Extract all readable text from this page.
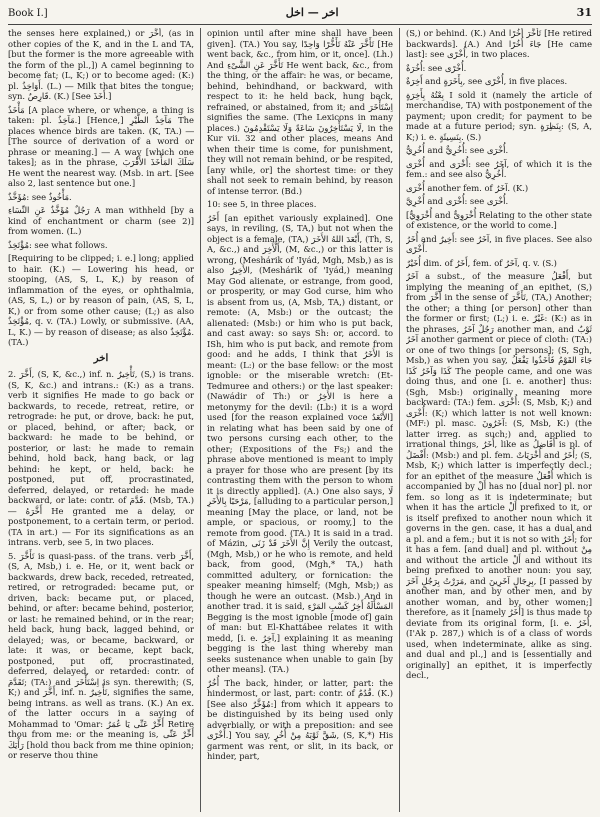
Book I.]	اخر — اخل	31

the senses here explained,) or أَخَّرَ, (as in other copies of the K, and in the L and TA, [but the former is the more agreeable with the form of the pl.,]) A camel beginning to become fat; (L, K;) or to become aged: (K:) pl. أَوَاخِذُ. (L.) ― Milk that bites the tongue; syn. قَارِصٌ. (K.) [See أَخَذَ.]

مَأْخَذٌ [A place where, or whence, a thing is taken: pl. مَآخِذُ.] [Hence,] مَآخِذُ الطَّيْرِ The places whence birds are taken. (K, TA.) ― [The source of derivation of a word or phrase or meaning.] ― A way [which one takes]; as in the phrase, سَلَكَ المَأْخَذَ الأَقْرَبَ He went the nearest way. (Msb. in art. [See also 2, last sentence but one.]

مُؤَخَّذٌ: see مَأْخُوذٌ.

رَجُلٌ مُؤَخَّذٌ عَنِ النِّسَاءِ A man withheld [by a kind of enchantment or charm (see 2)] from women. (L.)

مُؤْتَخِذٌ: see what follows.

[Requiring to be clipped; i. e.] long; applied to hair. (K.) ― Lowering his head, or stooping, (AS, S, L, K,) by reason of inflammation of the eyes, or ophthalmia, (AS, S, L,) or by reason of pain, (AS, S, L, K,) or from some other cause; (L;) as also مُؤْتَخِذٌ, q. v. (TA.) Lowly, or submissive. (AA, L, K.) ― by reason of disease; as also مُؤْتَخِذٌ. (TA.)

اخر

2. أَخَّرَ, (S, K, &c.,) inf. n. تَأْخِيرٌ, (S,) is trans. (S, K, &c.) and intrans.: (K:) as a trans. verb it signifies He made to go back or backwards, to recede, retreat, retire, or retrograde: he put, or drove, back: he put, or placed, behind, or after; back, or backward: he made to be behind, or posterior, or last: he made to remain behind, hold back, hang back, or lag behind: he kept, or held, back: he postponed, put off, procrastinated, deferred, delayed, or retarded: he made backward, or late: contr. of قَدَّمَ. (Msb, TA.) ― أَخَّرَهُ He granted me a delay, or postponement, to a certain term, or period. (TA in art.) ― For its significations as an intrans. verb, see 5, in two places.

5. تَأَخَّرَ is quasi-pass. of the trans. verb أَخَّرَ, (S, A, Msb,) i. e. He, or it, went back or backwards, drew back, receded, retreated, retired, or retrograded: became put, or driven, back: became put, or placed, behind, or after: became behind, posterior, or last: he remained behind, or in the rear; held back, hung back, lagged behind, or delayed; was, or became, backward, or late: it was, or became, kept back, postponed, put off, procrastinated, deferred, delayed, or retarded: contr. of تَقَدَّمَ; (TA:) and اِسْتَأْخَرَ is syn. therewith; (S, K;) and أَخَّرَ, inf. n. تَأْخِيرٌ, signifies the same, being intrans. as well as trans. (K.) An ex. of the latter occurs in a saying of Mohammad to 'Omar: أَخِّرْ عَنِّى يَا عُمَرُ Retire thou from me: or the meaning is, أَخِّرْ عَنِّى رَأْيَكَ [hold thou back from me thine opinion; or reserve thou thine

opinion until after mine shall have been given]. (TA.) You say, تَأَخَّرَ عَنْهُ تَأَخُّرًا وَاحِدًا [He went back, &c., from him, or it, once]. (Lh.) And تَأَخَّرَ عَنِ الشَّىْءِ He went back, &c., from the thing, or the affair: he was, or became, behind, behindhand, or backward, with respect to it: he held back, hung back, refrained, or abstained, from it; and اِسْتَأْخَرَ signifies the same. (The Lexicons in many places.) لَا يَسْتَأْخِرُونَ سَاعَةً وَلَا يَسْتَقْدِمُونَ, in the Kur vii. 32 and other places, means And when their time is come, for punishment, they will not remain behind, or be respited, [any while, or] the shortest time: or they shall not seek to remain behind, by reason of intense terror. (Bd.)

10: see 5, in three places.

أَخَرُ [an epithet variously explained]. One says, in reviling, (S, TA,) but not when the object is a female, (TA,) أَبْعَدَ اللهُ الأَخَرَ, (Th, S, A, &c.,) and أَلْأَخِرَ, (M, &c.,) or this latter is wrong, (Meshárik of 'Iyád, Mgh, Msb,) as is also الأَخِيرُ, (Meshárik of 'Iyád,) meaning May God alienate, or estrange, from good, or prosperity, or may God curse, him who is absent from us, (A, Msb, TA,) distant, or remote: (A, Msb:) or the outcast; the alienated: (Msb:) or him who is put back, and cast away: so says Sh: or, accord. to ISh, him who is put back, and remote from good: and he adds, I think that الأَخَرُ is meant: (L:) or the base fellow: or the most ignoble: or the miserable wretch: (Et-Tedmuree and others:) or the last speaker: (Nawádir of Th:) or الأَخِرُ is here a metonymy for the devil: (Lb:) it is a word used [for the reason explained voce الأَبْعَدُ] in relating what has been said by one of two persons cursing each other, to the other; (Expositions of the Fs;) and the phrase above mentioned is meant to imply a prayer for those who are present [by its contrasting them with the person to whom it is directly applied]. (A.) One also says, لَا مَرْحَبًا بِالأَخَرِ, [alluding to a particular person,] meaning [May the place, or land, not be ample, or spacious, or roomy,] to the remote from good. (TA.) It is said in a trad. of Mázin, إِنَّ الأَخَرَ قَدْ زَنَى Verily the outcast, (Mgh, Msb,) or he who is remote, and held back, from good, (Mgh,* TA,) hath committed adultery, or fornication: the speaker meaning himself; (Mgh, Msb;) as though he were an outcast. (Msb.) And in another trad. it is said, المَسْأَلَةُ أَخِرُ كَسْبِ المَرْءِ Begging is the most ignoble [mode of] gain of man: but El-Khattábee relates it with medd, [i. e. آخِرُ,] explaining it as meaning begging is the last thing whereby man seeks sustenance when unable to gain [by other means]. (TA.)

أُخُرٌ The back, hinder, or latter, part: the hindermost, or last, part: contr. of قُدُمٌ. (K.) [See also مُؤَخَّرٌ:] from which it appears to be distinguished by its being used only adverbially, or with a preposition: and see أُخْرًى.] You say, شَقَّ ثَوْبَهُ مِنْ أُخُرٍ, (S, K,*) His garment was rent, or slit, in its back, or hinder, part,

(S,) or behind. (K.) And تَأَخَّرَ أُخُرًا [He retired backwards]. (A.) And جَاءَ أُخُرًا [He came last]: see أُخْرًى, in two places.

أُخُرَةٌ: see أُخْرًى.

أَخِرَةٌ and بِأَخَرَةٍ, see أُخْرًى, in five places.

بِعْتُهُ بِأَخِرَةٍ I sold it (namely the article of merchandise, TA) with postponement of the payment; upon credit; for payment to be made at a future period; syn. بِنَظِرَةٍ: (S, A, K;) i. e. بِنَسِيئَةٍ. (S.)

أُخُرِيٌّ and أُخُرِيٌّ: see أُخْرَى.

أُخْرَى and أُخْرَى: see آخَرُ, of which it is the fem.: and see also أُخُرِيٌّ.

أُخْرَى another fem. of آخَرُ. (K.)

أُخْرِيَّ and أُخْرَى: see أُخْرَى.

[أُخْرَوِيٌّ and أُخْرَوِىٌّ Relating to the other state of existence, or the world to come.]

أُخَرُ and أَخِيرٌ: see آخَرُ, in five places. See also أُخْرًى.

أُخَيْرٌ dim. of أَخَرُ, fem. of آخَرُ, q. v. (S.)

آخَرُ a subst., of the measure أَفْعَلُ, but implying the meaning of an epithet, (S,) from أَخَّرَ in the sense of تَأَخَّرَ, (TA,) Another; the other; a thing [or person] other than the former or first; (L;) i. e. غَيْرٌ: (K:) as in the phrases, رَجُلٌ آخَرُ another man, and ثَوْبٌ آخَرُ another garment or piece of cloth: (TA:) or one of two things [or persons]; (S, Sgh, Msb,) as when you say, جَاءَ القَوْمُ فَأَخَذُوا يَفْعَلُ كَذَا وَآخَرُ كَذَا The people came, and one was doing thus, and one [i. e. another] thus: (Sgh, Msb:) originally meaning more backward: (TA:) fem. أُخْرَى: (S, Msb, K;) and أُخْرَى: (K;) which latter is not well known: (MF:) pl. masc. آخَرُونَ: (S, Msb, K:) (the latter irreg. as such;) and, applied to irrational things, أُخَرُ, like as أَفَاضِلُ is pl. of أَفْضَلُ: (Msb:) and pl. fem. أُخْرَيَاتٌ and أُخَرُ; (S, Msb, K;) which latter is imperfectly decl.; for an epithet of the measure أُفْعَلُ which is accompanied by أَلْ has no [dual nor] pl. nor fem. so long as it is indeterminate; but when it has the article أَلْ prefixed to it, or is itself prefixed to another noun which it governs in the gen. case, it has a dual and a pl. and a fem.; but it is not so with أُخَرُ; for it has a fem. [and dual] and pl. without مِنْ and without the article أَلْ and without its being prefixed to another noun: you say, مَرَرْتُ بِرَجُلٍ آخَرَ, and بِرِجَالٍ آخَرِينَ, [I passed by another man, and by other men, and by another woman, and by other women;] therefore, as it [namely أُخَرُ] is thus made to deviate from its original form, [i. e. أُخَرُ, (I'Ak p. 287,) which is of a class of words used, when indeterminate, alike as sing. and dual and pl.,] and is [essentially and originally] an epithet, it is imperfectly decl.,
